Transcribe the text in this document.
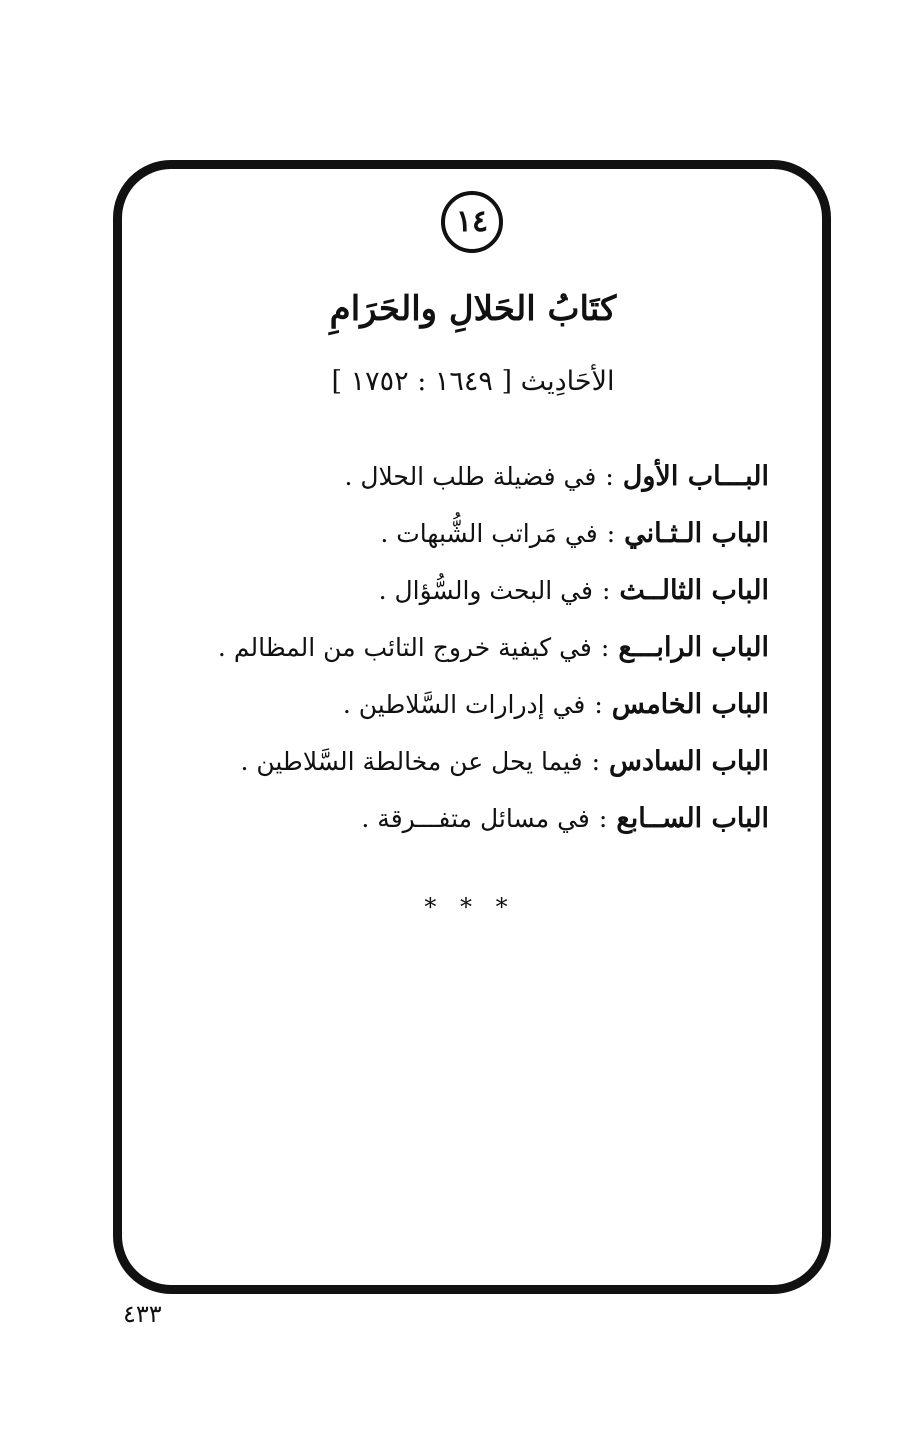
١٤
كتَابُ الحَلالِ والحَرَامِ
الأحَادِيث [ ١٦٤٩ : ١٧٥٢ ]
البـــاب الأول:في فضيلة طلب الحلال .
الباب الـثـاني:في مَراتب الشُّبهات .
الباب الثالــث:في البحث والسُّؤال .
الباب الرابـــع:في كيفية خروج التائب من المظالم .
الباب الخامس:في إدرارات السَّلاطين .
الباب السادس:فيما يحل عن مخالطة السَّلاطين .
الباب الســابع:في مسائل متفـــرقة .
* * *
٤٣٣
